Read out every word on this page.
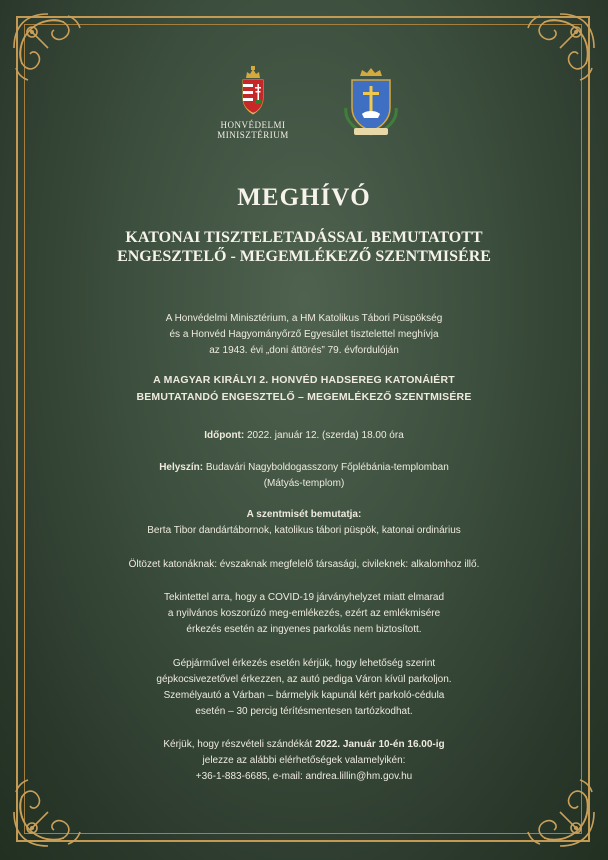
HONVÉDELMI
MINISZTÉRIUM
MEGHÍVÓ
KATONAI TISZTELETADÁSSAL BEMUTATOTT
ENGESZTELŐ - MEGEMLÉKEZŐ SZENTMISÉRE
A Honvédelmi Minisztérium, a HM Katolikus Tábori Püspökség
és a Honvéd Hagyományőrző Egyesület tisztelettel meghívja
az 1943. évi „doni áttörés” 79. évfordulóján
A MAGYAR KIRÁLYI 2. HONVÉD HADSEREG KATONÁIÉRT
BEMUTATANDÓ ENGESZTELŐ – MEGEMLÉKEZŐ SZENTMISÉRE
Időpont: 2022. január 12. (szerda) 18.00 óra
Helyszín: Budavári Nagyboldogasszony Főplébánia-templomban
(Mátyás-templom)
A szentmisét bemutatja:
Berta Tibor dandártábornok, katolikus tábori püspök, katonai ordinárius
Öltözet katonáknak: évszaknak megfelelő társasági, civileknek: alkalomhoz illő.
Tekintettel arra, hogy a COVID-19 járványhelyzet miatt elmarad
a nyilvános koszorúzó meg-emlékezés, ezért az emlékmisére
érkezés esetén az ingyenes parkolás nem biztosított.
Gépjárművel érkezés esetén kérjük, hogy lehetőség szerint
gépkocsivezetővel érkezzen, az autó pediga Váron kívül parkoljon.
Személyautó a Várban – bármelyik kapunál kért parkoló-cédula
esetén – 30 percig térítésmentesen tartózkodhat.
Kérjük, hogy részvételi szándékát 2022. Január 10-én 16.00-ig
jelezze az alábbi elérhetőségek valamelyikén:
+36-1-883-6685, e-mail: andrea.lillin@hm.gov.hu
